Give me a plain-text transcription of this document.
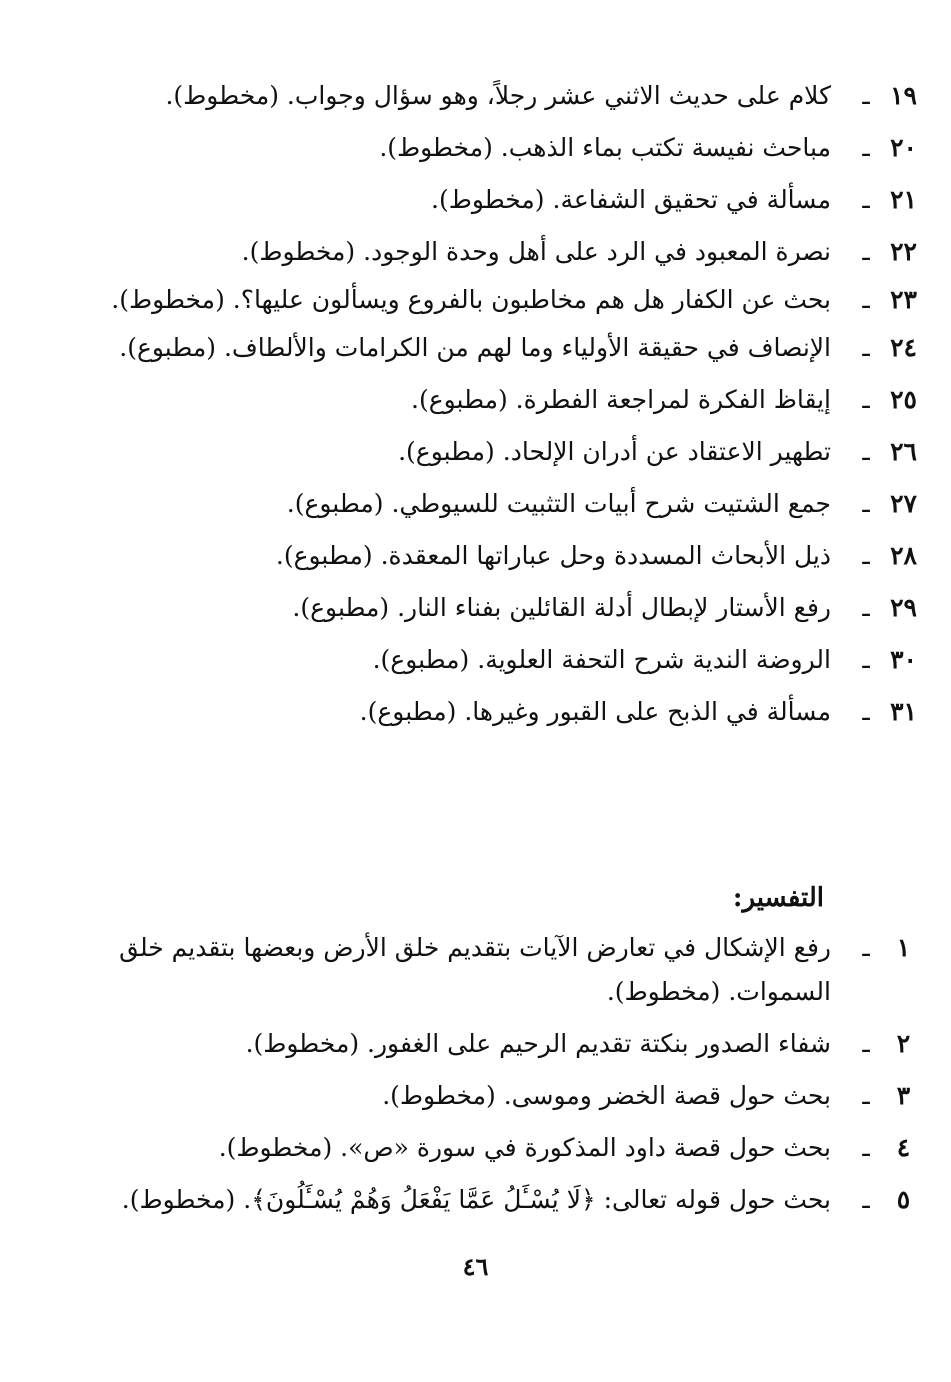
١٩
ـ
كلام على حديث الاثني عشر رجلاً، وهو سؤال وجواب. (مخطوط).
٢٠
ـ
مباحث نفيسة تكتب بماء الذهب. (مخطوط).
٢١
ـ
مسألة في تحقيق الشفاعة. (مخطوط).
٢٢
ـ
نصرة المعبود في الرد على أهل وحدة الوجود. (مخطوط).
٢٣
ـ
بحث عن الكفار هل هم مخاطبون بالفروع ويسألون عليها؟. (مخطوط).
٢٤
ـ
الإنصاف في حقيقة الأولياء وما لهم من الكرامات والألطاف. (مطبوع).
٢٥
ـ
إيقاظ الفكرة لمراجعة الفطرة. (مطبوع).
٢٦
ـ
تطهير الاعتقاد عن أدران الإلحاد. (مطبوع).
٢٧
ـ
جمع الشتيت شرح أبيات التثبيت للسيوطي. (مطبوع).
٢٨
ـ
ذيل الأبحاث المسددة وحل عباراتها المعقدة. (مطبوع).
٢٩
ـ
رفع الأستار لإبطال أدلة القائلين بفناء النار. (مطبوع).
٣٠
ـ
الروضة الندية شرح التحفة العلوية. (مطبوع).
٣١
ـ
مسألة في الذبح على القبور وغيرها. (مطبوع).
التفسير:
١
ـ
رفع الإشكال في تعارض الآيات بتقديم خلق الأرض وبعضها بتقديم خلق السموات. (مخطوط).
٢
ـ
شفاء الصدور بنكتة تقديم الرحيم على الغفور. (مخطوط).
٣
ـ
بحث حول قصة الخضر وموسى. (مخطوط).
٤
ـ
بحث حول قصة داود المذكورة في سورة «ص». (مخطوط).
٥
ـ
بحث حول قوله تعالى: ﴿لَا يُسْـَٔلُ عَمَّا يَفْعَلُ وَهُمْ يُسْـَٔلُونَ﴾. (مخطوط).
٤٦
